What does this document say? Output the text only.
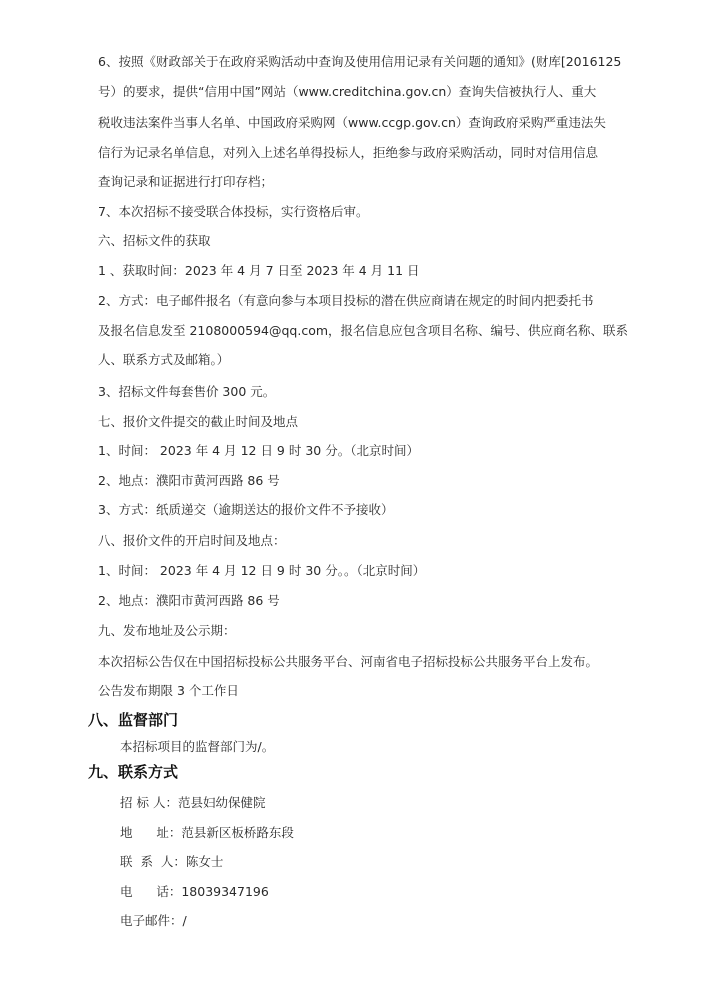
6、按照《财政部关于在政府采购活动中查询及使用信用记录有关问题的通知》(财库[2016125
号）的要求，提供“信用中国”网站（www.creditchina.gov.cn）查询失信被执行人、重大
税收违法案件当事人名单、中国政府采购网（www.ccgp.gov.cn）查询政府采购严重违法失
信行为记录名单信息，对列入上述名单得投标人，拒绝参与政府采购活动，同时对信用信息
查询记录和证据进行打印存档；
7、本次招标不接受联合体投标，实行资格后审。
六、招标文件的获取
1 、获取时间：2023 年 4 月 7 日至 2023 年 4 月 11 日
2、方式：电子邮件报名（有意向参与本项目投标的潜在供应商请在规定的时间内把委托书
及报名信息发至 2108000594@qq.com，报名信息应包含项目名称、编号、供应商名称、联系
人、联系方式及邮箱。）
3、招标文件每套售价 300 元。
七、报价文件提交的截止时间及地点
1、时间： 2023 年 4 月 12 日 9 时 30 分。（北京时间）
2、地点：濮阳市黄河西路 86 号
3、方式：纸质递交（逾期送达的报价文件不予接收）
八、报价文件的开启时间及地点：
1、时间： 2023 年 4 月 12 日 9 时 30 分。。（北京时间）
2、地点：濮阳市黄河西路 86 号
九、发布地址及公示期：
本次招标公告仅在中国招标投标公共服务平台、河南省电子招标投标公共服务平台上发布。
公告发布期限 3 个工作日
八、监督部门
本招标项目的监督部门为/。
九、联系方式
招 标 人：范县妇幼保健院
地      址：范县新区板桥路东段
联  系  人：陈女士
电      话：18039347196
电子邮件：/
